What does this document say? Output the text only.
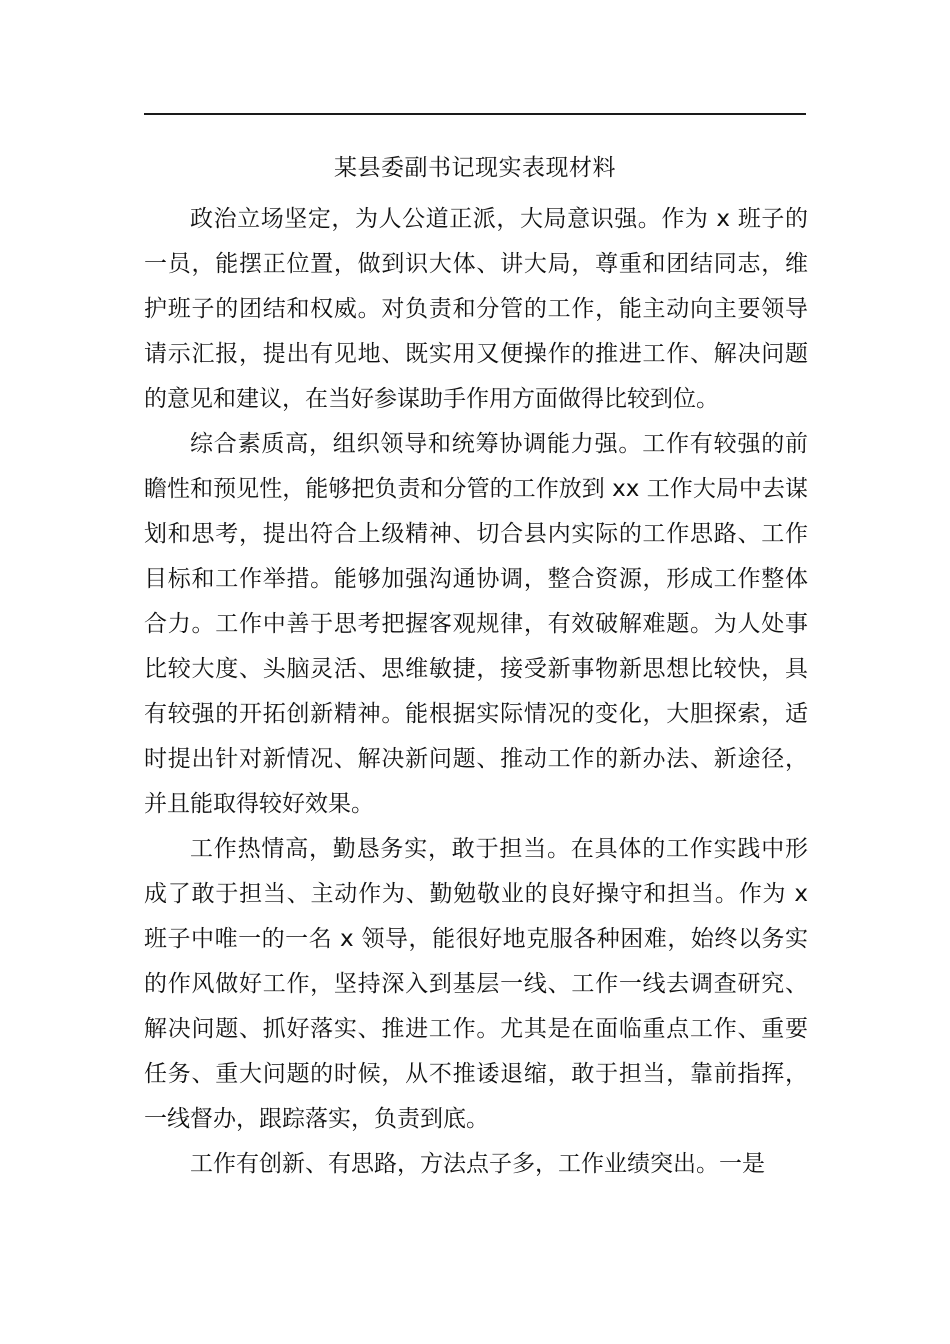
某县委副书记现实表现材料

政治立场坚定，为人公道正派，大局意识强。作为 x 班子的一员，能摆正位置，做到识大体、讲大局，尊重和团结同志，维护班子的团结和权威。对负责和分管的工作，能主动向主要领导请示汇报，提出有见地、既实用又便操作的推进工作、解决问题的意见和建议，在当好参谋助手作用方面做得比较到位。

综合素质高，组织领导和统筹协调能力强。工作有较强的前瞻性和预见性，能够把负责和分管的工作放到 xx 工作大局中去谋划和思考，提出符合上级精神、切合县内实际的工作思路、工作目标和工作举措。能够加强沟通协调，整合资源，形成工作整体合力。工作中善于思考把握客观规律，有效破解难题。为人处事比较大度、头脑灵活、思维敏捷，接受新事物新思想比较快，具有较强的开拓创新精神。能根据实际情况的变化，大胆探索，适时提出针对新情况、解决新问题、推动工作的新办法、新途径，并且能取得较好效果。

工作热情高，勤恳务实，敢于担当。在具体的工作实践中形成了敢于担当、主动作为、勤勉敬业的良好操守和担当。作为 x 班子中唯一的一名 x 领导，能很好地克服各种困难，始终以务实的作风做好工作，坚持深入到基层一线、工作一线去调查研究、解决问题、抓好落实、推进工作。尤其是在面临重点工作、重要任务、重大问题的时候，从不推诿退缩，敢于担当，靠前指挥，一线督办，跟踪落实，负责到底。

工作有创新、有思路，方法点子多，工作业绩突出。一是
